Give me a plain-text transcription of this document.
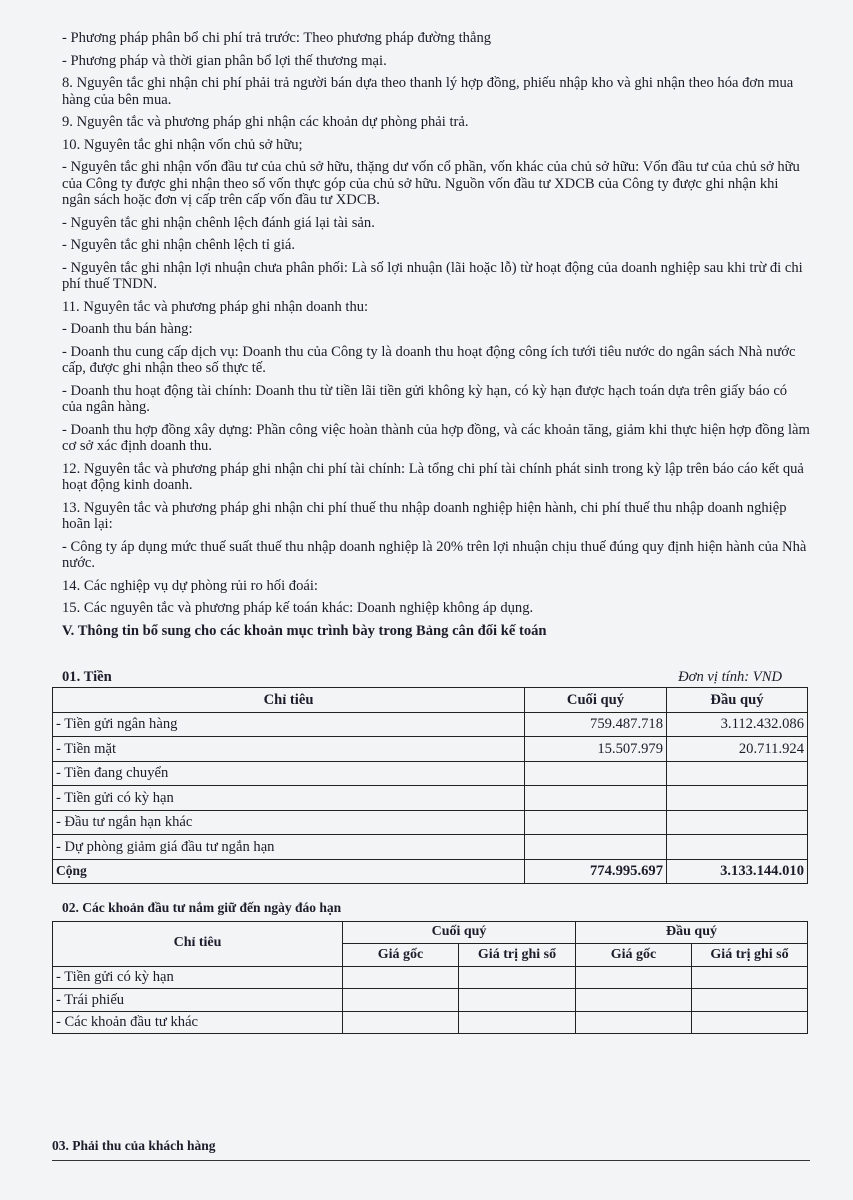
- Phương pháp phân bổ chi phí trả trước: Theo phương pháp đường thẳng

- Phương pháp và thời gian phân bổ lợi thế thương mại.

8. Nguyên tắc ghi nhận chi phí phải trả người bán dựa theo thanh lý hợp đồng, phiếu nhập kho và ghi nhận theo hóa đơn mua hàng của bên mua.

9. Nguyên tắc và phương pháp ghi nhận các khoản dự phòng phải trả.

10. Nguyên tắc ghi nhận vốn chủ sở hữu;

- Nguyên tắc ghi nhận vốn đầu tư của chủ sở hữu, thặng dư vốn cổ phần, vốn khác của chủ sở hữu: Vốn đầu tư của chủ sở hữu của Công ty được ghi nhận theo số vốn thực góp của chủ sở hữu. Nguồn vốn đầu tư XDCB của Công ty được ghi nhận khi ngân sách hoặc đơn vị cấp trên cấp vốn đầu tư XDCB.

- Nguyên tắc ghi nhận chênh lệch đánh giá lại tài sản.

- Nguyên tắc ghi nhận chênh lệch tỉ giá.

- Nguyên tắc ghi nhận lợi nhuận chưa phân phối: Là số lợi nhuận (lãi hoặc lỗ) từ hoạt động của doanh nghiệp sau khi trừ đi chi phí thuế TNDN.

11. Nguyên tắc và phương pháp ghi nhận doanh thu:

- Doanh thu bán hàng:

- Doanh thu cung cấp dịch vụ: Doanh thu của Công ty là doanh thu hoạt động công ích tưới tiêu nước do ngân sách Nhà nước cấp, được ghi nhận theo số thực tế.

- Doanh thu hoạt động tài chính: Doanh thu từ tiền lãi tiền gửi không kỳ hạn, có kỳ hạn được hạch toán dựa trên giấy báo có của ngân hàng.

- Doanh thu hợp đồng xây dựng: Phần công việc hoàn thành của hợp đồng, và các khoản tăng, giảm khi thực hiện hợp đồng làm cơ sở xác định doanh thu.

12. Nguyên tắc và phương pháp ghi nhận chi phí tài chính: Là tổng chi phí tài chính phát sinh trong kỳ lập trên báo cáo kết quả hoạt động kinh doanh.

13. Nguyên tắc và phương pháp ghi nhận chi phí thuế thu nhập doanh nghiệp hiện hành, chi phí thuế thu nhập doanh nghiệp hoãn lại:

- Công ty áp dụng mức thuế suất thuế thu nhập doanh nghiệp là 20% trên lợi nhuận chịu thuế đúng quy định hiện hành của Nhà nước.

14. Các nghiệp vụ dự phòng rủi ro hối đoái:

15. Các nguyên tắc và phương pháp kế toán khác: Doanh nghiệp không áp dụng.

V. Thông tin bổ sung cho các khoản mục trình bày trong Bảng cân đối kế toán

01. Tiền	Đơn vị tính: VND
Chỉ tiêu	Cuối quý	Đầu quý
- Tiền gửi ngân hàng	759.487.718	3.112.432.086
- Tiền mặt	15.507.979	20.711.924
- Tiền đang chuyển		
- Tiền gửi có kỳ hạn		
- Đầu tư ngắn hạn khác		
- Dự phòng giảm giá đầu tư ngắn hạn		
Cộng	774.995.697	3.133.144.010

02. Các khoản đầu tư nắm giữ đến ngày đáo hạn

Chỉ tiêu	Cuối quý		Đầu quý	
	Giá gốc	Giá trị ghi sổ	Giá gốc	Giá trị ghi sổ
- Tiền gửi có kỳ hạn				
- Trái phiếu				
- Các khoản đầu tư khác				
03. Phải thu của khách hàng
